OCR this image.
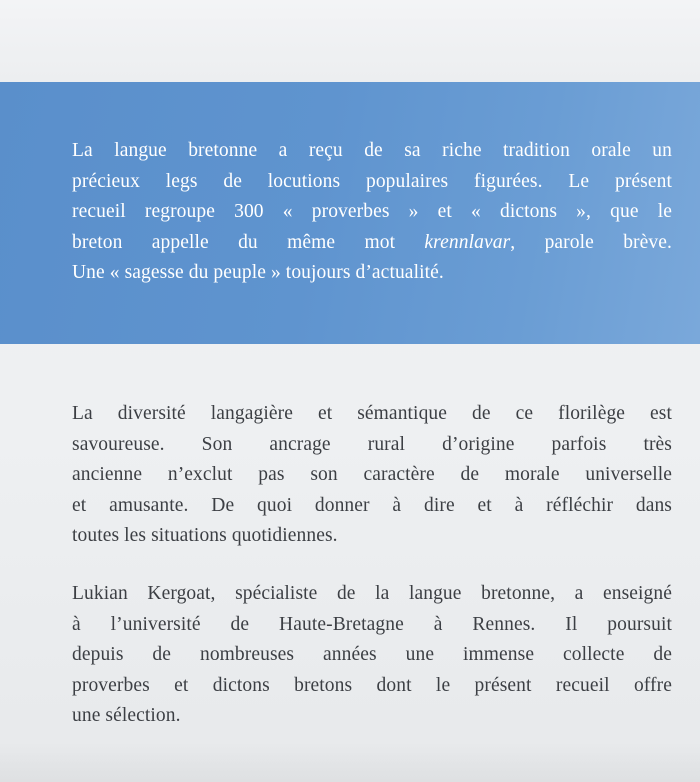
La langue bretonne a reçu de sa riche tradition orale un
précieux legs de locutions populaires figurées. Le présent
recueil regroupe 300 « proverbes » et « dictons », que le
breton appelle du même mot krennlavar, parole brève.
Une « sagesse du peuple » toujours d’actualité.
La diversité langagière et sémantique de ce florilège est
savoureuse. Son ancrage rural d’origine parfois très
ancienne n’exclut pas son caractère de morale universelle
et amusante. De quoi donner à dire et à réfléchir dans
toutes les situations quotidiennes.
Lukian Kergoat, spécialiste de la langue bretonne, a enseigné
à l’université de Haute-Bretagne à Rennes. Il poursuit
depuis de nombreuses années une immense collecte de
proverbes et dictons bretons dont le présent recueil offre
une sélection.
